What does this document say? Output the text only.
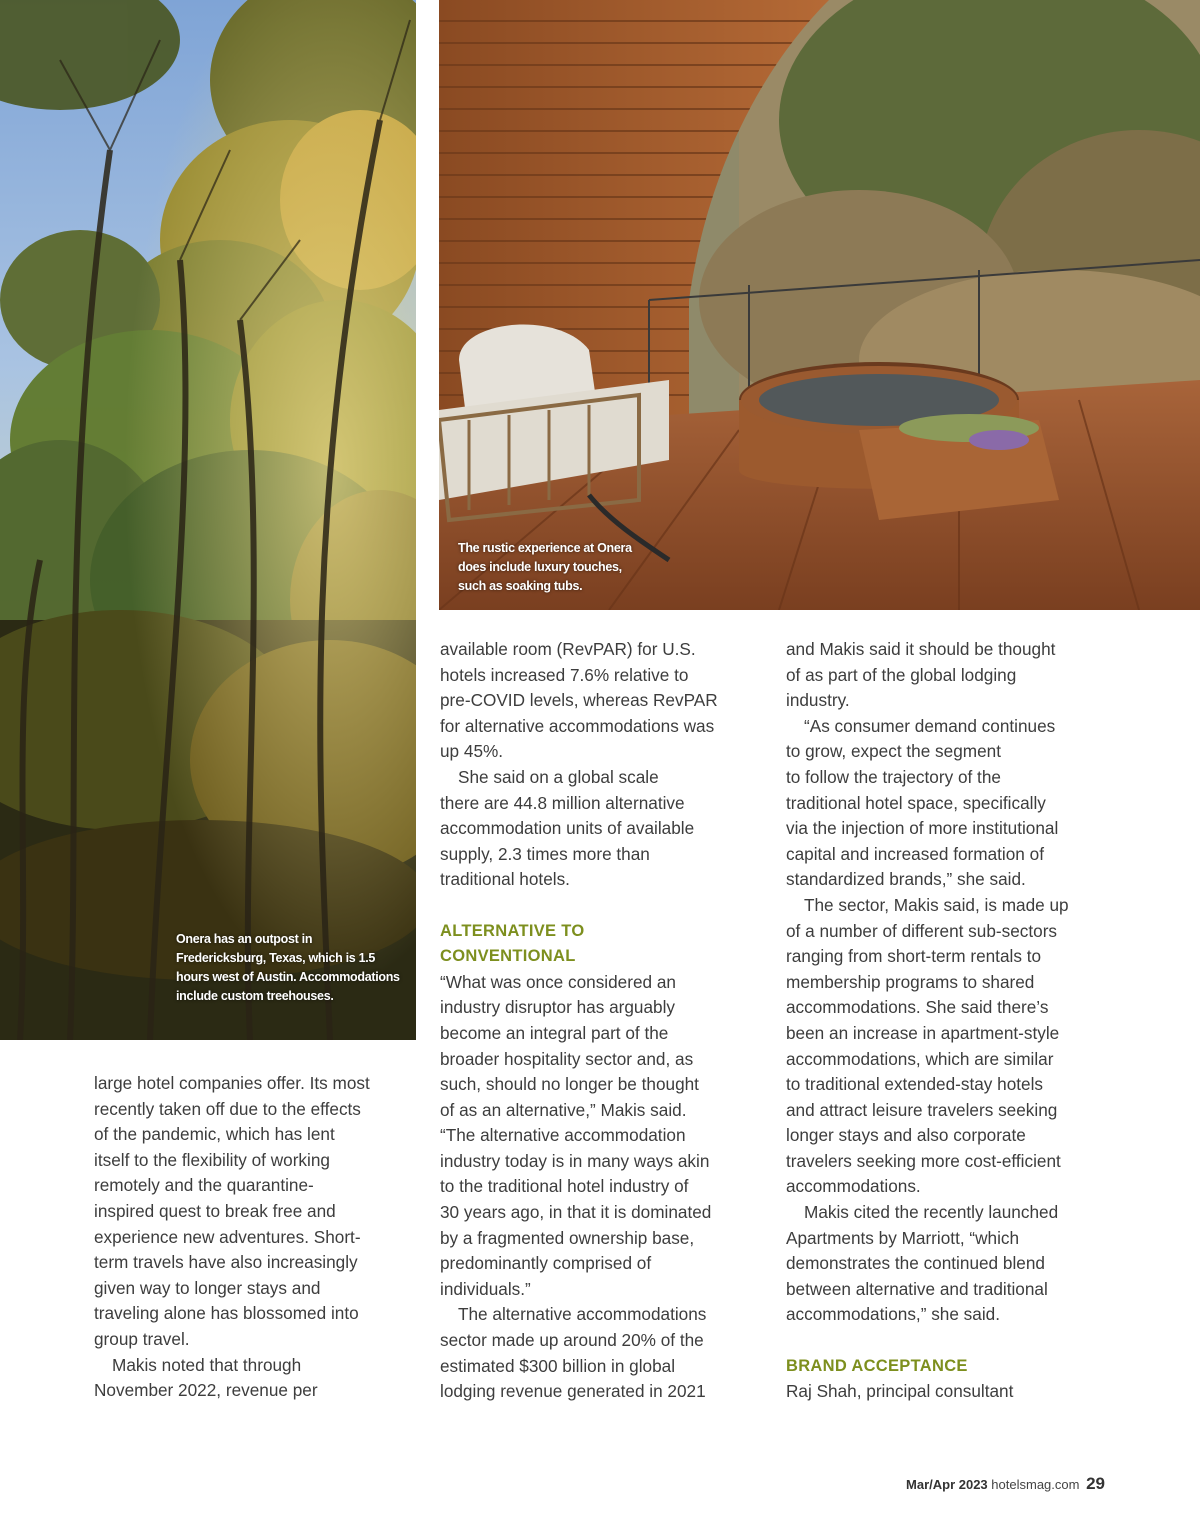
Onera has an outpost in

Fredericksburg, Texas, which is 1.5

hours west of Austin. Accommodations

include custom treehouses.

The rustic experience at Onera

does include luxury touches,

such as soaking tubs.

large hotel companies offer. Its most
recently taken off due to the effects
of the pandemic, which has lent
itself to the flexibility of working
remotely and the quarantine-
inspired quest to break free and
experience new adventures. Short-
term travels have also increasingly
given way to longer stays and
traveling alone has blossomed into
group travel.
Makis noted that through
November 2022, revenue per
available room (RevPAR) for U.S.
hotels increased 7.6% relative to
pre-COVID levels, whereas RevPAR
for alternative accommodations was
up 45%.
She said on a global scale
there are 44.8 million alternative
accommodation units of available
supply, 2.3 times more than
traditional hotels.
ALTERNATIVE TO
CONVENTIONAL
“What was once considered an
industry disruptor has arguably
become an integral part of the
broader hospitality sector and, as
such, should no longer be thought
of as an alternative,” Makis said.
“The alternative accommodation
industry today is in many ways akin
to the traditional hotel industry of
30 years ago, in that it is dominated
by a fragmented ownership base,
predominantly comprised of
individuals.”
The alternative accommodations
sector made up around 20% of the
estimated $300 billion in global
lodging revenue generated in 2021
and Makis said it should be thought
of as part of the global lodging
industry.
“As consumer demand continues
to grow, expect the segment
to follow the trajectory of the
traditional hotel space, specifically
via the injection of more institutional
capital and increased formation of
standardized brands,” she said.
The sector, Makis said, is made up
of a number of different sub-sectors
ranging from short-term rentals to
membership programs to shared
accommodations. She said there’s
been an increase in apartment-style
accommodations, which are similar
to traditional extended-stay hotels
and attract leisure travelers seeking
longer stays and also corporate
travelers seeking more cost-efficient
accommodations.
Makis cited the recently launched
Apartments by Marriott, “which
demonstrates the continued blend
between alternative and traditional
accommodations,” she said.
BRAND ACCEPTANCE
Raj Shah, principal consultant
Mar/Apr 2023 hotelsmag.com 29
